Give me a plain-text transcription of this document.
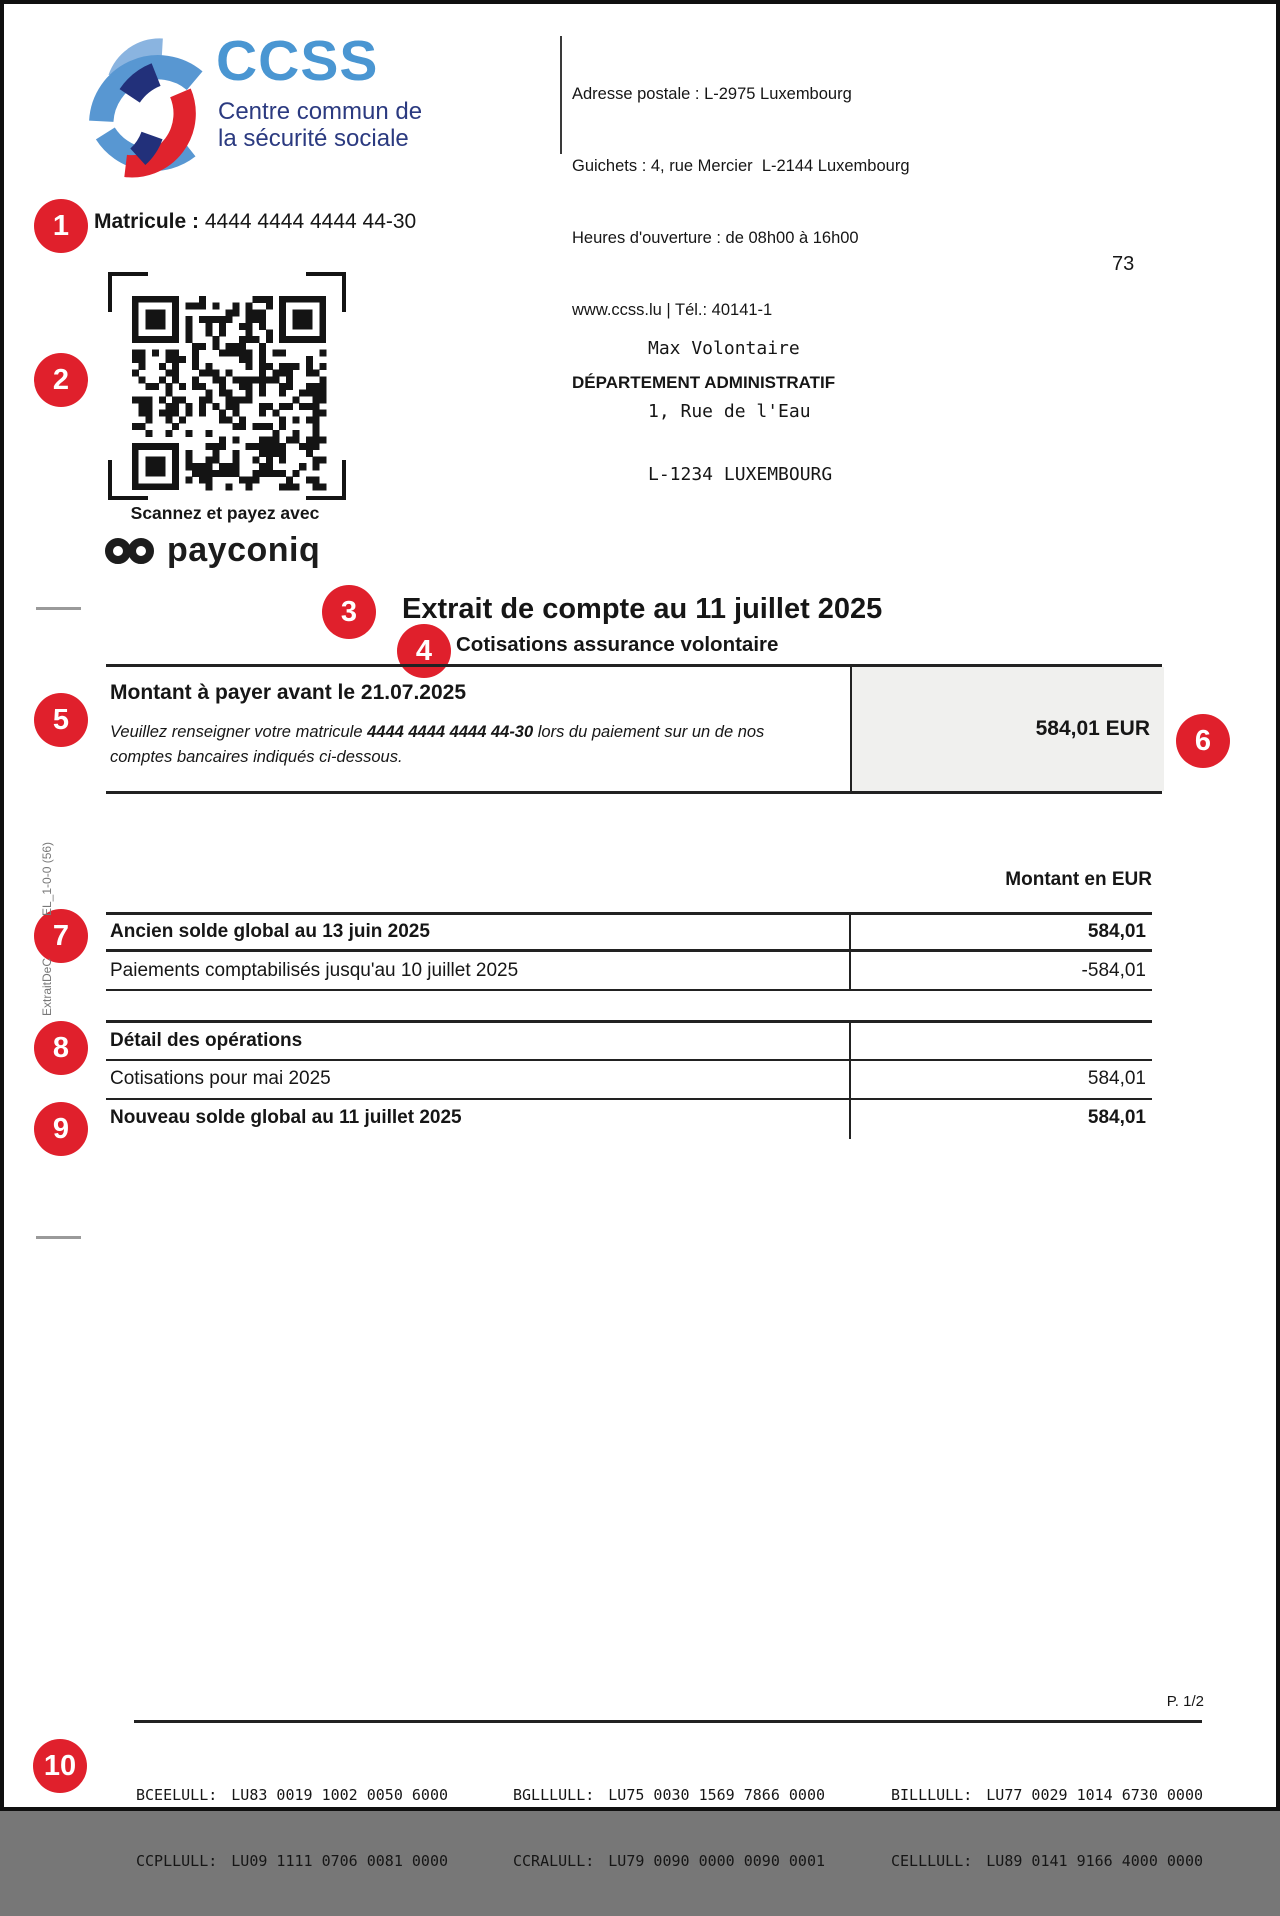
CCSS
Centre commun de
la sécurité sociale

Adresse postale : L-2975 Luxembourg

Guichets : 4, rue Mercier  L-2144 Luxembourg

Heures d'ouverture : de 08h00 à 16h00

www.ccss.lu | Tél.: 40141-1

DÉPARTEMENT ADMINISTRATIF

1
2
3
4
5
6
7
8
9
10
Matricule : 4444 4444 4444 44-30
73

Max Volontaire

1, Rue de l'Eau

L-1234 LUXEMBOURG

Scannez et payez avec
payconiq
Extrait de compte au 11 juillet 2025
Cotisations assurance volontaire
Montant à payer avant le 21.07.2025
Veuillez renseigner votre matricule 4444 4444 4444 44-30 lors du paiement sur un de nos comptes bancaires indiqués ci-dessous.
584,01 EUR
EL_1-0-0 (56)
ExtraitDeC
Montant en EUR
Ancien solde global au 13 juin 2025	584,01
Paiements comptabilisés jusqu'au 10 juillet 2025	-584,01
Détail des opérations
Cotisations pour mai 2025	584,01
Nouveau solde global au 11 juillet 2025	584,01
P. 1/2

BCEELULL: LU83 0019 1002 0050 6000

CCPLLULL: LU09 1111 0706 0081 0000

BGLLLULL: LU75 0030 1569 7866 0000

CCRALULL: LU79 0090 0000 0090 0001

BILLLULL: LU77 0029 1014 6730 0000

CELLLULL: LU89 0141 9166 4000 0000
